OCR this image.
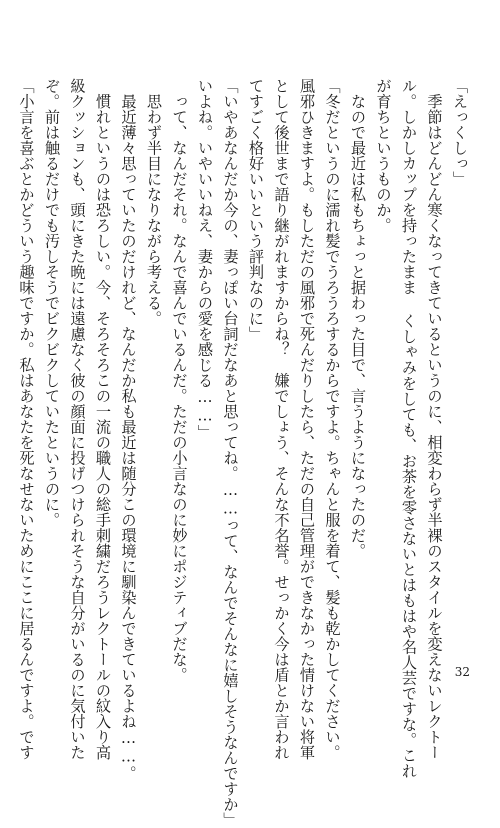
「えっくしっ」
　季節はどんどん寒くなってきているというのに、相変わらず半裸のスタイルを変えないレクトー
ル。しかしカップを持ったまま くしゃみをしても、お茶を零さないとはもはや名人芸ですな。これ
が育ちというものか。
　なので最近は私もちょっと据わった目で、言うようになったのだ。
「冬だというのに濡れ髪でうろうろするからですよ。ちゃんと服を着て、髪も乾かしてください。
風邪ひきますよ。もしただの風邪で死んだりしたら、ただの自己管理ができなかった情けない将軍
として後世まで語り継がれますからね？　嫌でしょう、そんな不名誉。せっかく今は盾とか言われ
てすごく格好いいという評判なのに」
「いやあなんだか今の、妻っぽい台詞だなあと思ってね。……って、なんでそんなに嬉しそうなんですか」
いよね。いやいいねえ、妻からの愛を感じる……」
　って、なんだそれ。なんで喜んでいるんだ。ただの小言なのに妙にポジティブだな。
　思わず半目になりながら考える。
　最近薄々思っていたのだけれど、なんだか私も最近は随分この環境に馴染んできているよね……。
　慣れというのは恐ろしい。今、そろそろこの一流の職人の総手刺繍だろうレクトールの紋入り高
級クッションも、頭にきた晩には遠慮なく彼の顔面に投げつけられそうな自分がいるのに気付いた
ぞ。前は触るだけでも汚しそうでビクビクしていたというのに。
「小言を喜ぶとかどういう趣味ですか。私はあなたを死なせないためにここに居るんですよ。です	32
